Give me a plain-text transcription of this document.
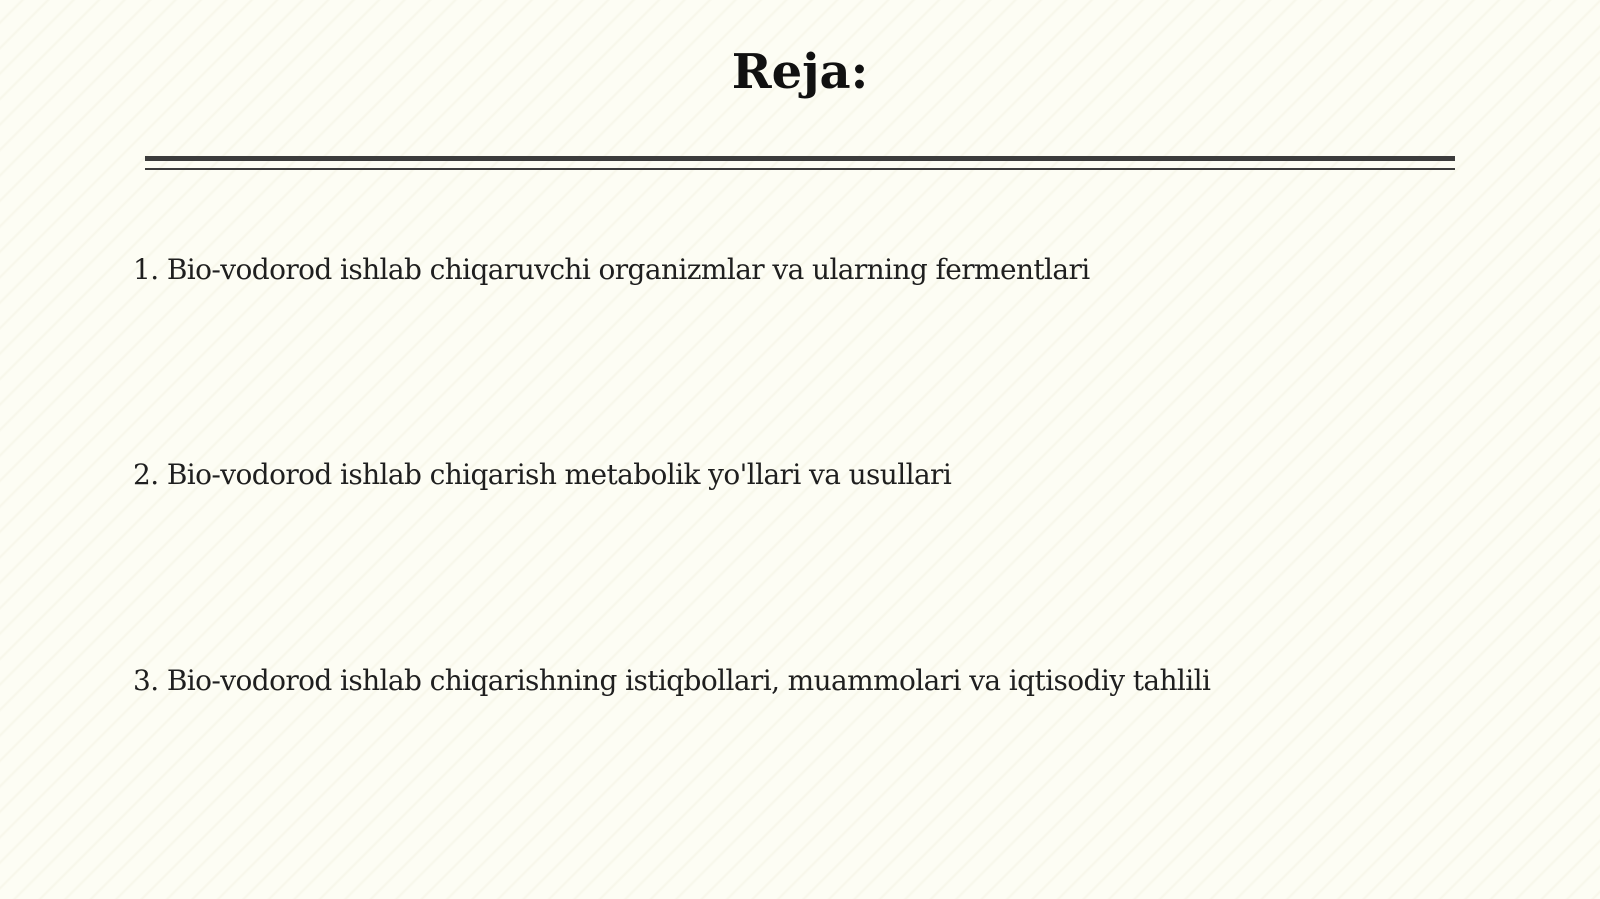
Reja:
1. Bio-vodorod ishlab chiqaruvchi organizmlar va ularning fermentlari
2. Bio-vodorod ishlab chiqarish metabolik yo'llari va usullari
3. Bio-vodorod ishlab chiqarishning istiqbollari, muammolari va iqtisodiy tahlili
